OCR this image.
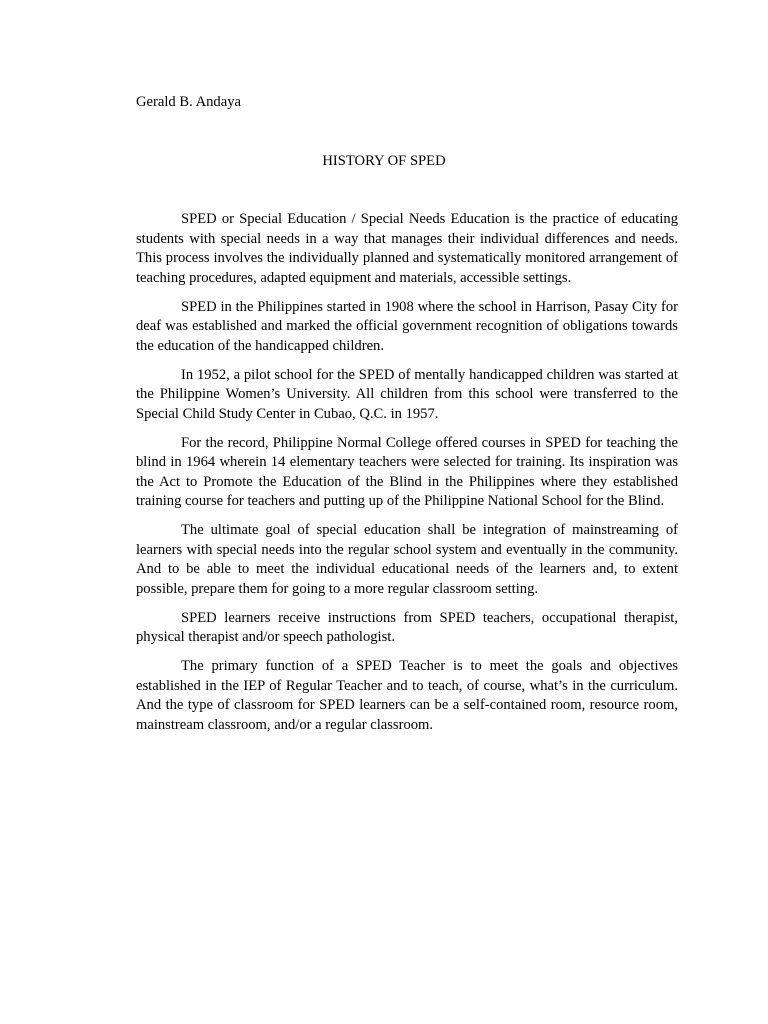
Gerald B. Andaya

HISTORY OF SPED

SPED or Special Education / Special Needs Education is the practice of educating students with special needs in a way that manages their individual differences and needs. This process involves the individually planned and systematically monitored arrangement of teaching procedures, adapted equipment and materials, accessible settings.

SPED in the Philippines started in 1908 where the school in Harrison, Pasay City for deaf was established and marked the official government recognition of obligations towards the education of the handicapped children.

In 1952, a pilot school for the SPED of mentally handicapped children was started at the Philippine Women’s University. All children from this school were transferred to the Special Child Study Center in Cubao, Q.C. in 1957.

For the record, Philippine Normal College offered courses in SPED for teaching the blind in 1964 wherein 14 elementary teachers were selected for training. Its inspiration was the Act to Promote the Education of the Blind in the Philippines where they established training course for teachers and putting up of the Philippine National School for the Blind.

The ultimate goal of special education shall be integration of mainstreaming of learners with special needs into the regular school system and eventually in the community. And to be able to meet the individual educational needs of the learners and, to extent possible, prepare them for going to a more regular classroom setting.

SPED learners receive instructions from SPED teachers, occupational therapist, physical therapist and/or speech pathologist.

The primary function of a SPED Teacher is to meet the goals and objectives established in the IEP of Regular Teacher and to teach, of course, what’s in the curriculum. And the type of classroom for SPED learners can be a self-contained room, resource room, mainstream classroom, and/or a regular classroom.
